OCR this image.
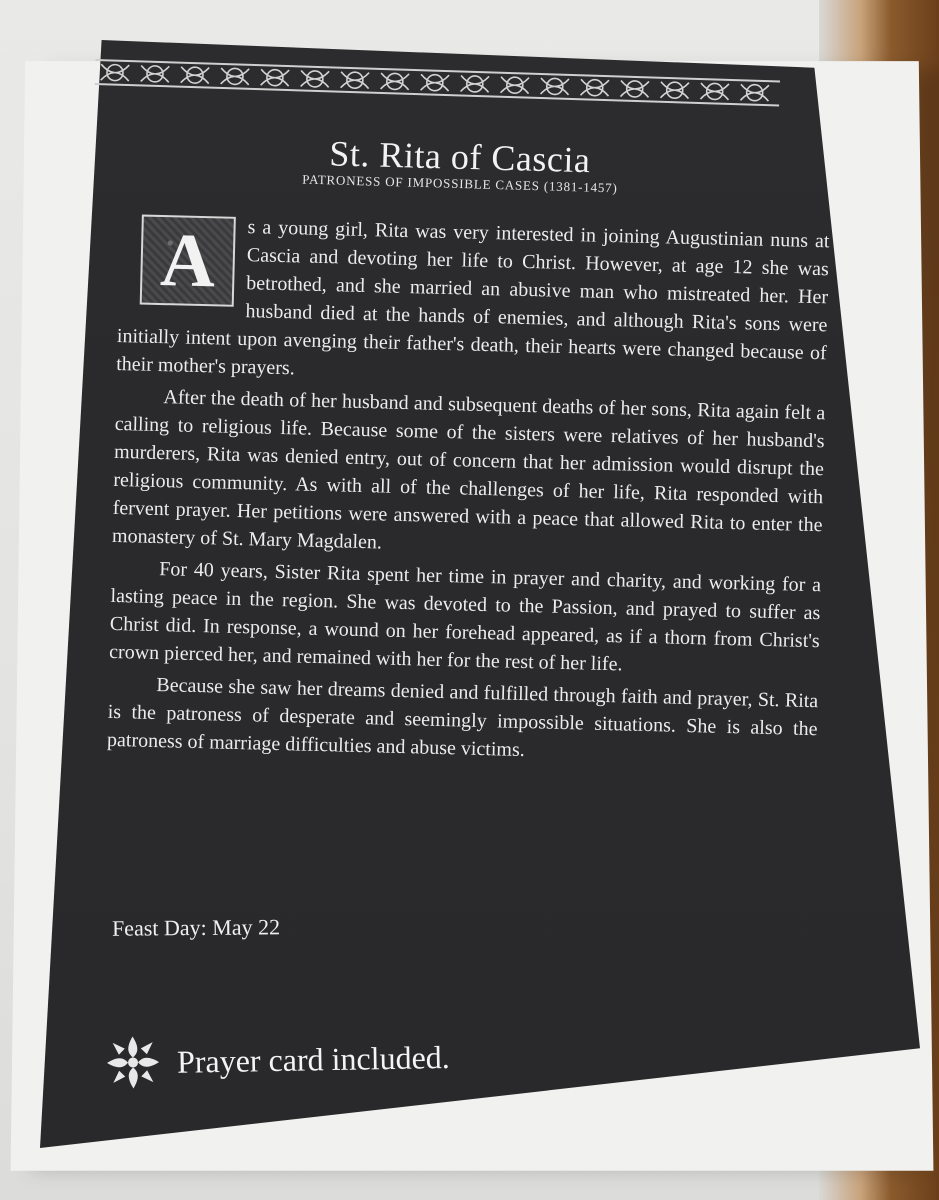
St. Rita of Cascia
PATRONESS OF IMPOSSIBLE CASES (1381-1457)
A	s a young girl, Rita was very interested in joining Augustinian nuns at Cascia and devoting her life to Christ. However, at age 12 she was betrothed, and she married an abusive man who mistreated her. Her husband died at the hands of enemies, and although Rita's sons were initially intent upon avenging their father's death, their hearts were changed because of their mother's prayers.

After the death of her husband and subsequent deaths of her sons, Rita again felt a calling to religious life. Because some of the sisters were relatives of her husband's murderers, Rita was denied entry, out of concern that her admission would disrupt the religious community. As with all of the challenges of her life, Rita responded with fervent prayer. Her petitions were answered with a peace that allowed Rita to enter the monastery of St. Mary Magdalen.

For 40 years, Sister Rita spent her time in prayer and charity, and working for a lasting peace in the region. She was devoted to the Passion, and prayed to suffer as Christ did. In response, a wound on her forehead appeared, as if a thorn from Christ's crown pierced her, and remained with her for the rest of her life.

Because she saw her dreams denied and fulfilled through faith and prayer, St. Rita is the patroness of desperate and seemingly impossible situations. She is also the patroness of marriage difficulties and abuse victims.

Feast Day: May 22
Prayer card included.
